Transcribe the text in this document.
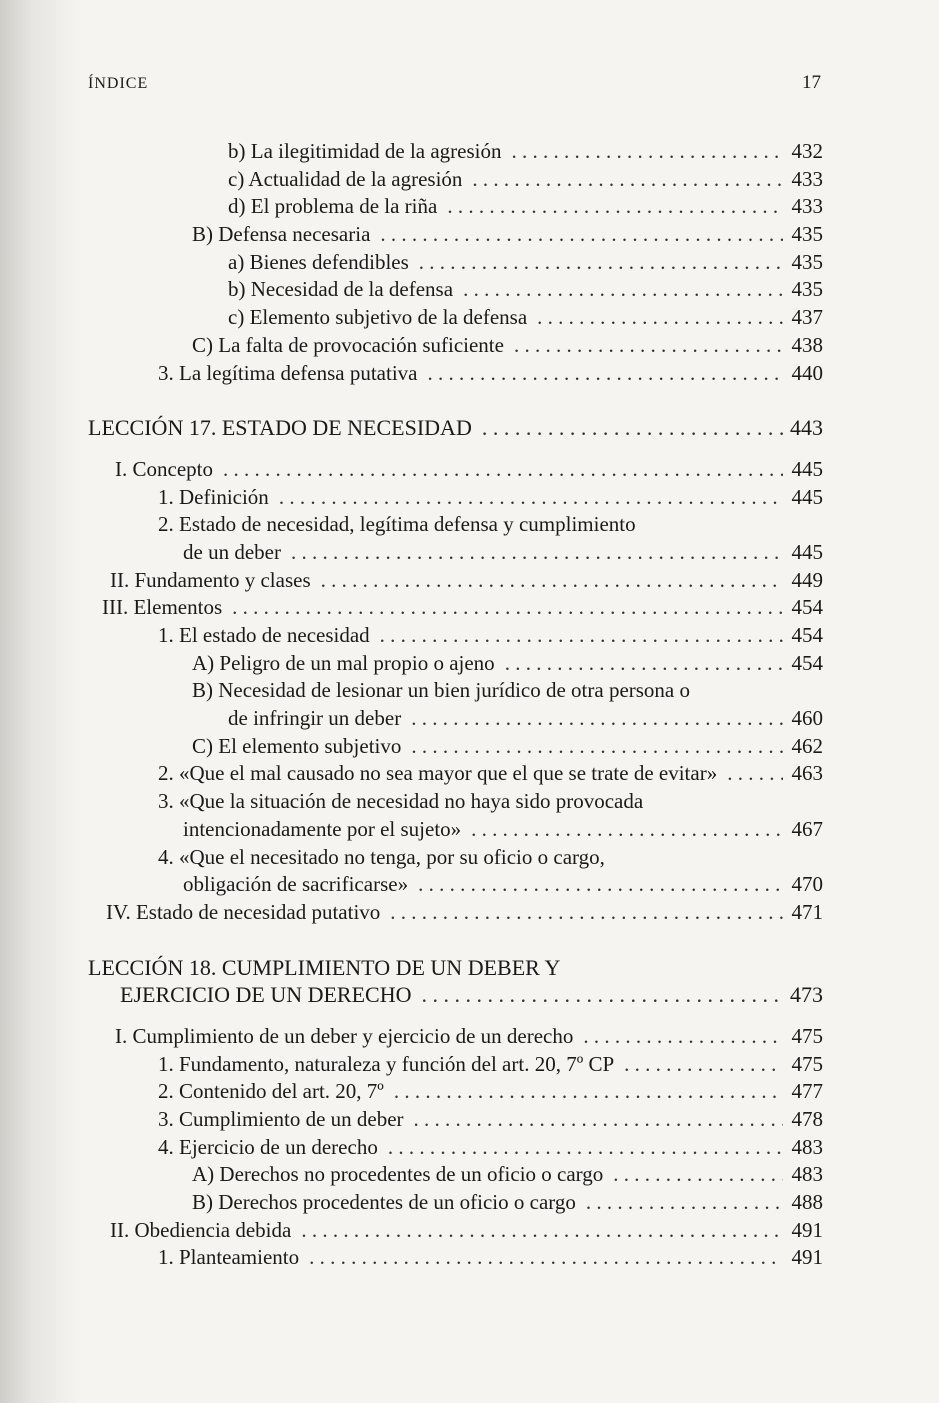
ÍNDICE	17
b) La ilegitimidad de la agresión . . .	432
c) Actualidad de la agresión . . .	433
d) El problema de la riña . . .	433
B) Defensa necesaria . . .	435
a) Bienes defendibles . . .	435
b) Necesidad de la defensa . . .	435
c) Elemento subjetivo de la defensa . . .	437
C) La falta de provocación suficiente . . .	438
3. La legítima defensa putativa . . .	440
LECCIÓN 17. ESTADO DE NECESIDAD . . .	443
I. Concepto . . .	445
1. Definición . . .	445
2. Estado de necesidad, legítima defensa y cumplimiento
de un deber . . .	445
II. Fundamento y clases . . .	449
III. Elementos . . .	454
1. El estado de necesidad . . .	454
A) Peligro de un mal propio o ajeno . . .	454
B) Necesidad de lesionar un bien jurídico de otra persona o
de infringir un deber . . .	460
C) El elemento subjetivo . . .	462
2. «Que el mal causado no sea mayor que el que se trate de evitar» . . .	463
3. «Que la situación de necesidad no haya sido provocada
intencionadamente por el sujeto» . . .	467
4. «Que el necesitado no tenga, por su oficio o cargo,
obligación de sacrificarse» . . .	470
IV. Estado de necesidad putativo . . .	471
LECCIÓN 18. CUMPLIMIENTO DE UN DEBER Y
EJERCICIO DE UN DERECHO . . .	473
I. Cumplimiento de un deber y ejercicio de un derecho . . .	475
1. Fundamento, naturaleza y función del art. 20, 7º CP . . .	475
2. Contenido del art. 20, 7º . . .	477
3. Cumplimiento de un deber . . .	478
4. Ejercicio de un derecho . . .	483
A) Derechos no procedentes de un oficio o cargo . . .	483
B) Derechos procedentes de un oficio o cargo . . .	488
II. Obediencia debida . . .	491
1. Planteamiento . . .	491
